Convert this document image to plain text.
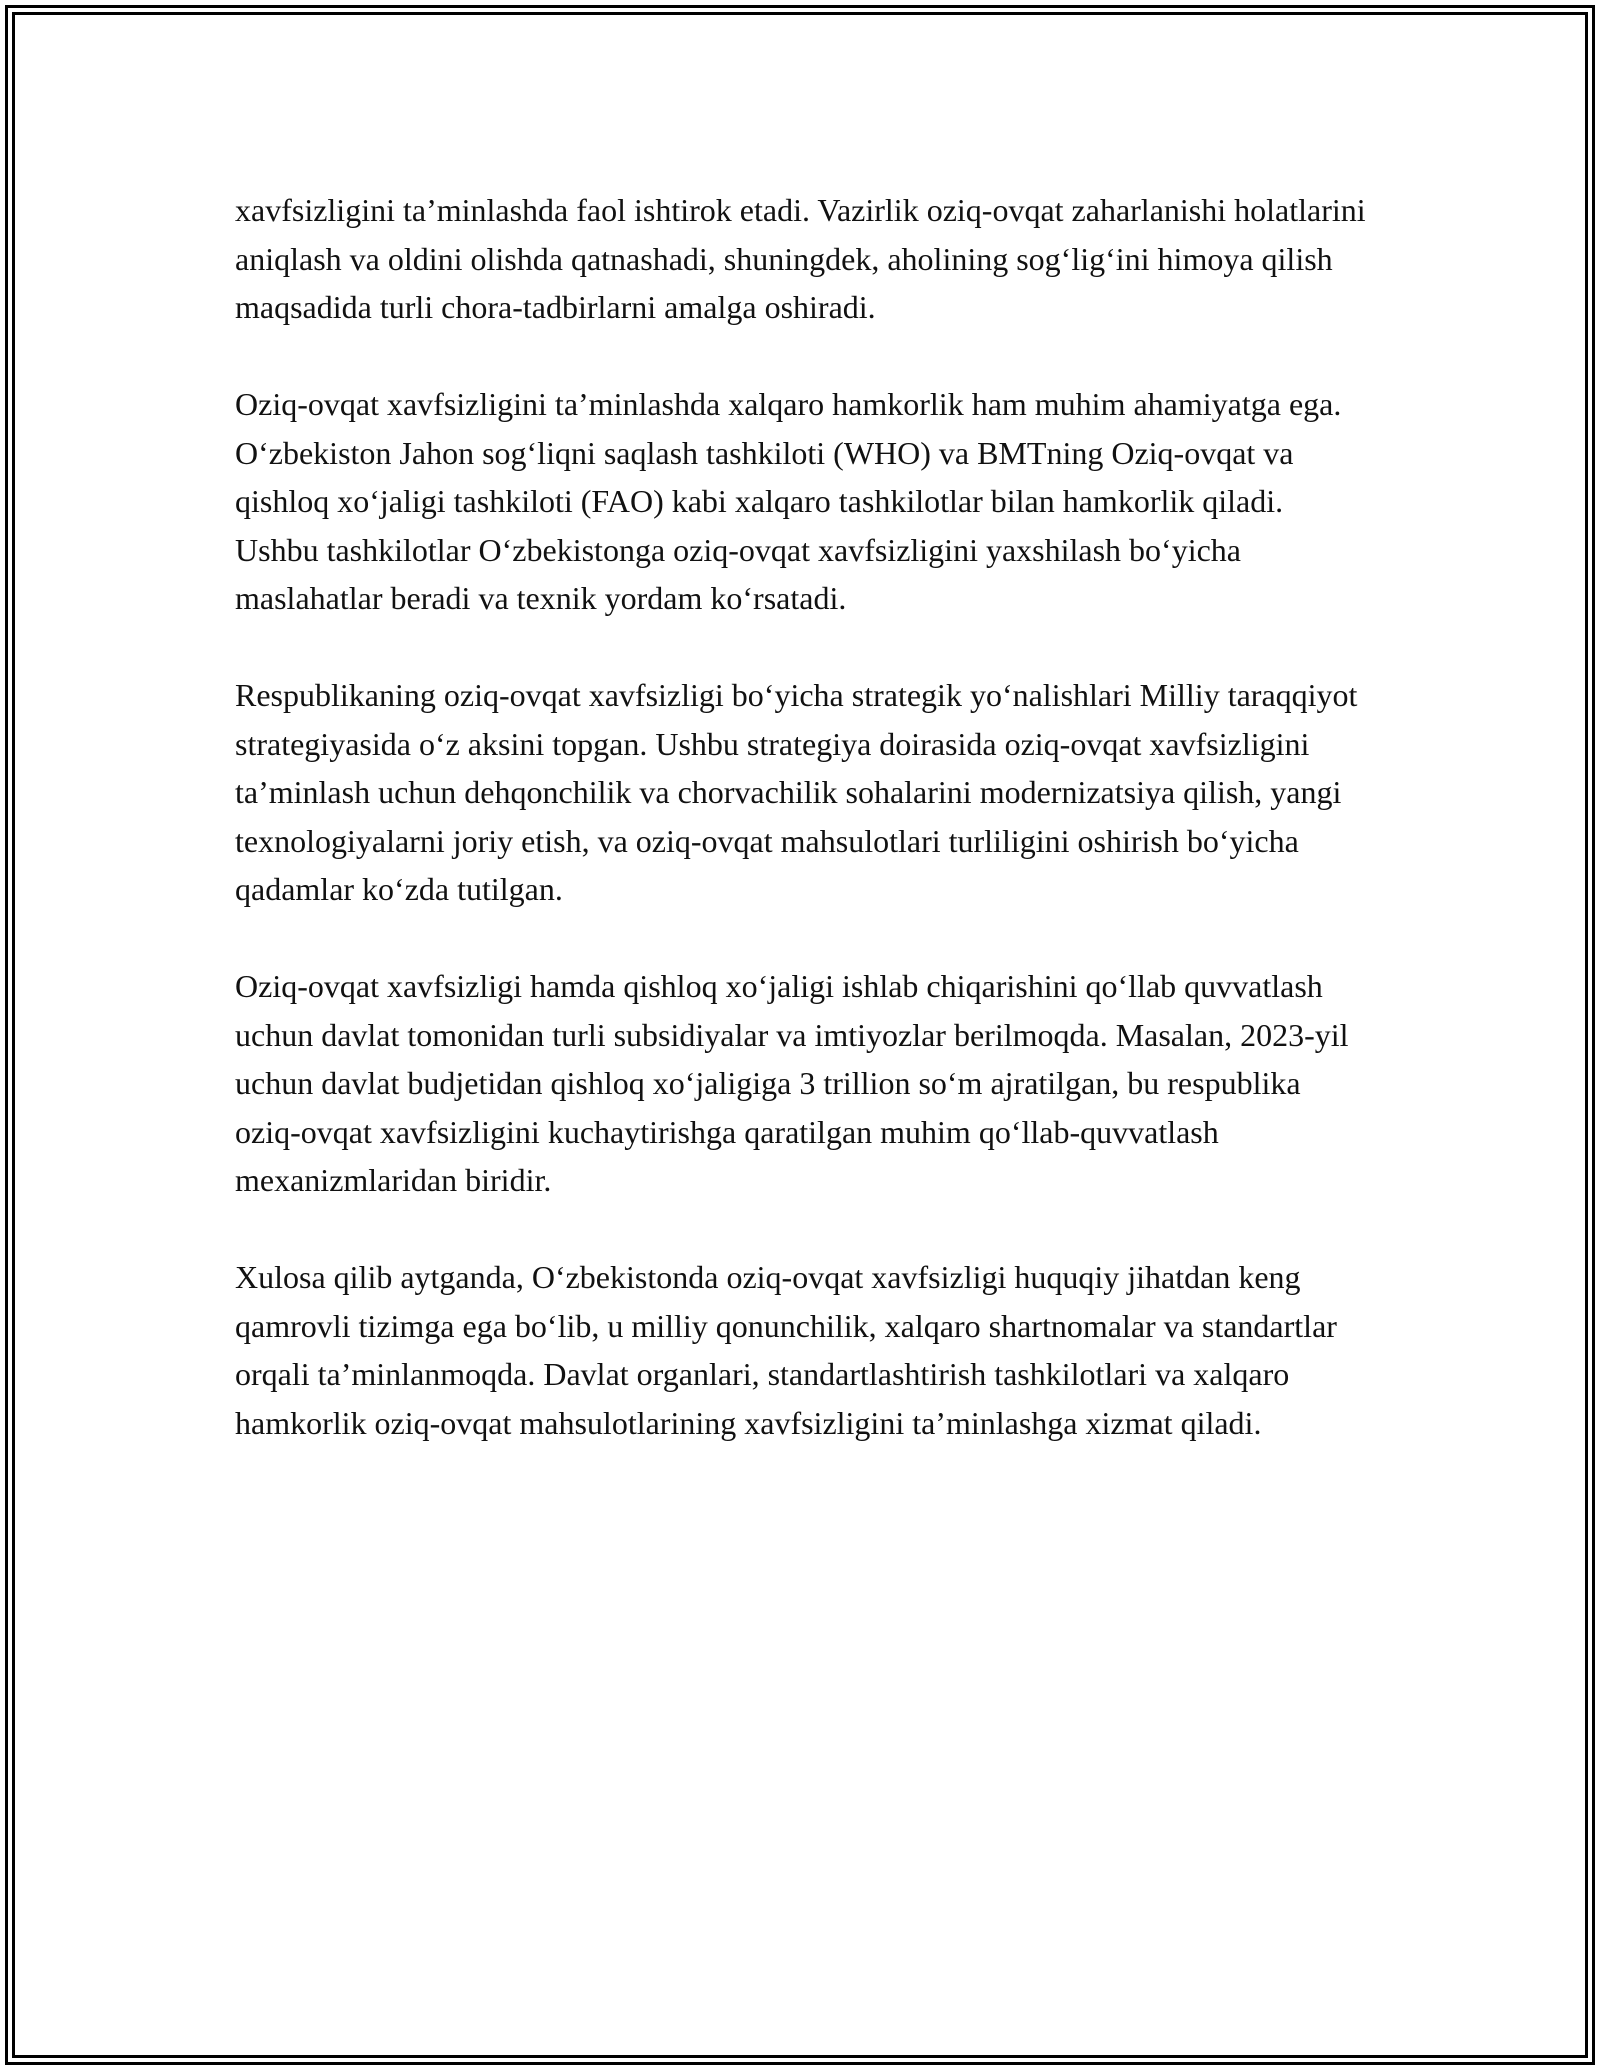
xavfsizligini ta’minlashda faol ishtirok etadi. Vazirlik oziq-ovqat zaharlanishi holatlarini aniqlash va oldini olishda qatnashadi, shuningdek, aholining sog‘lig‘ini himoya qilish maqsadida turli chora-tadbirlarni amalga oshiradi.

Oziq-ovqat xavfsizligini ta’minlashda xalqaro hamkorlik ham muhim ahamiyatga ega. O‘zbekiston Jahon sog‘liqni saqlash tashkiloti (WHO) va BMTning Oziq-ovqat va qishloq xo‘jaligi tashkiloti (FAO) kabi xalqaro tashkilotlar bilan hamkorlik qiladi. Ushbu tashkilotlar O‘zbekistonga oziq-ovqat xavfsizligini yaxshilash bo‘yicha maslahatlar beradi va texnik yordam ko‘rsatadi.

Respublikaning oziq-ovqat xavfsizligi bo‘yicha strategik yo‘nalishlari Milliy taraqqiyot strategiyasida o‘z aksini topgan. Ushbu strategiya doirasida oziq-ovqat xavfsizligini ta’minlash uchun dehqonchilik va chorvachilik sohalarini modernizatsiya qilish, yangi texnologiyalarni joriy etish, va oziq-ovqat mahsulotlari turliligini oshirish bo‘yicha qadamlar ko‘zda tutilgan.

Oziq-ovqat xavfsizligi hamda qishloq xo‘jaligi ishlab chiqarishini qo‘llab quvvatlash uchun davlat tomonidan turli subsidiyalar va imtiyozlar berilmoqda. Masalan, 2023-yil uchun davlat budjetidan qishloq xo‘jaligiga 3 trillion so‘m ajratilgan, bu respublika oziq-ovqat xavfsizligini kuchaytirishga qaratilgan muhim qo‘llab-quvvatlash mexanizmlaridan biridir.

Xulosa qilib aytganda, O‘zbekistonda oziq-ovqat xavfsizligi huquqiy jihatdan keng qamrovli tizimga ega bo‘lib, u milliy qonunchilik, xalqaro shartnomalar va standartlar orqali ta’minlanmoqda. Davlat organlari, standartlashtirish tashkilotlari va xalqaro hamkorlik oziq-ovqat mahsulotlarining xavfsizligini ta’minlashga xizmat qiladi.
